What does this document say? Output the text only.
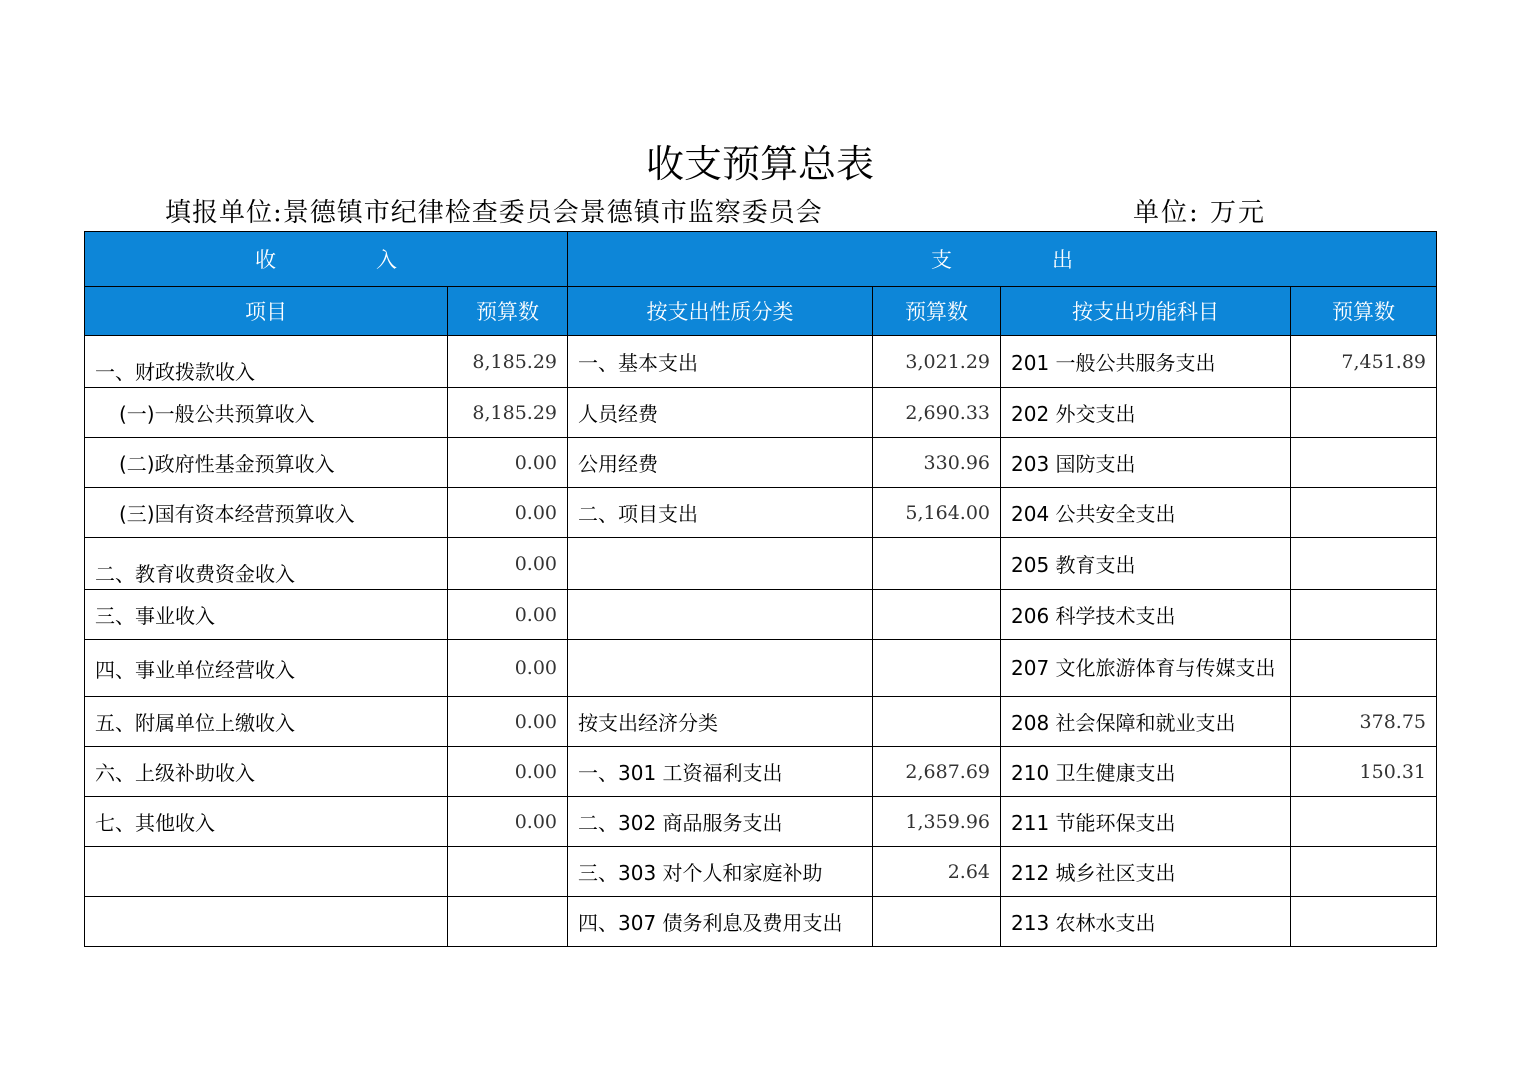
收支预算总表
填报单位:景德镇市纪律检查委员会景德镇市监察委员会	单位: 万元
收 入		支 出			
项目	预算数	按支出性质分类	预算数	按支出功能科目	预算数
一、财政拨款收入	8,185.29	一、基本支出	3,021.29	201 一般公共服务支出	7,451.89
(一)一般公共预算收入	8,185.29	人员经费	2,690.33	202 外交支出	
(二)政府性基金预算收入	0.00	公用经费	330.96	203 国防支出	
(三)国有资本经营预算收入	0.00	二、项目支出	5,164.00	204 公共安全支出	
二、教育收费资金收入	0.00			205 教育支出	
三、事业收入	0.00			206 科学技术支出	
四、事业单位经营收入	0.00			207 文化旅游体育与传媒支出	
五、附属单位上缴收入	0.00	按支出经济分类		208 社会保障和就业支出	378.75
六、上级补助收入	0.00	一、301 工资福利支出	2,687.69	210 卫生健康支出	150.31
七、其他收入	0.00	二、302 商品服务支出	1,359.96	211 节能环保支出	
		三、303 对个人和家庭补助	2.64	212 城乡社区支出	
		四、307 债务利息及费用支出		213 农林水支出	
